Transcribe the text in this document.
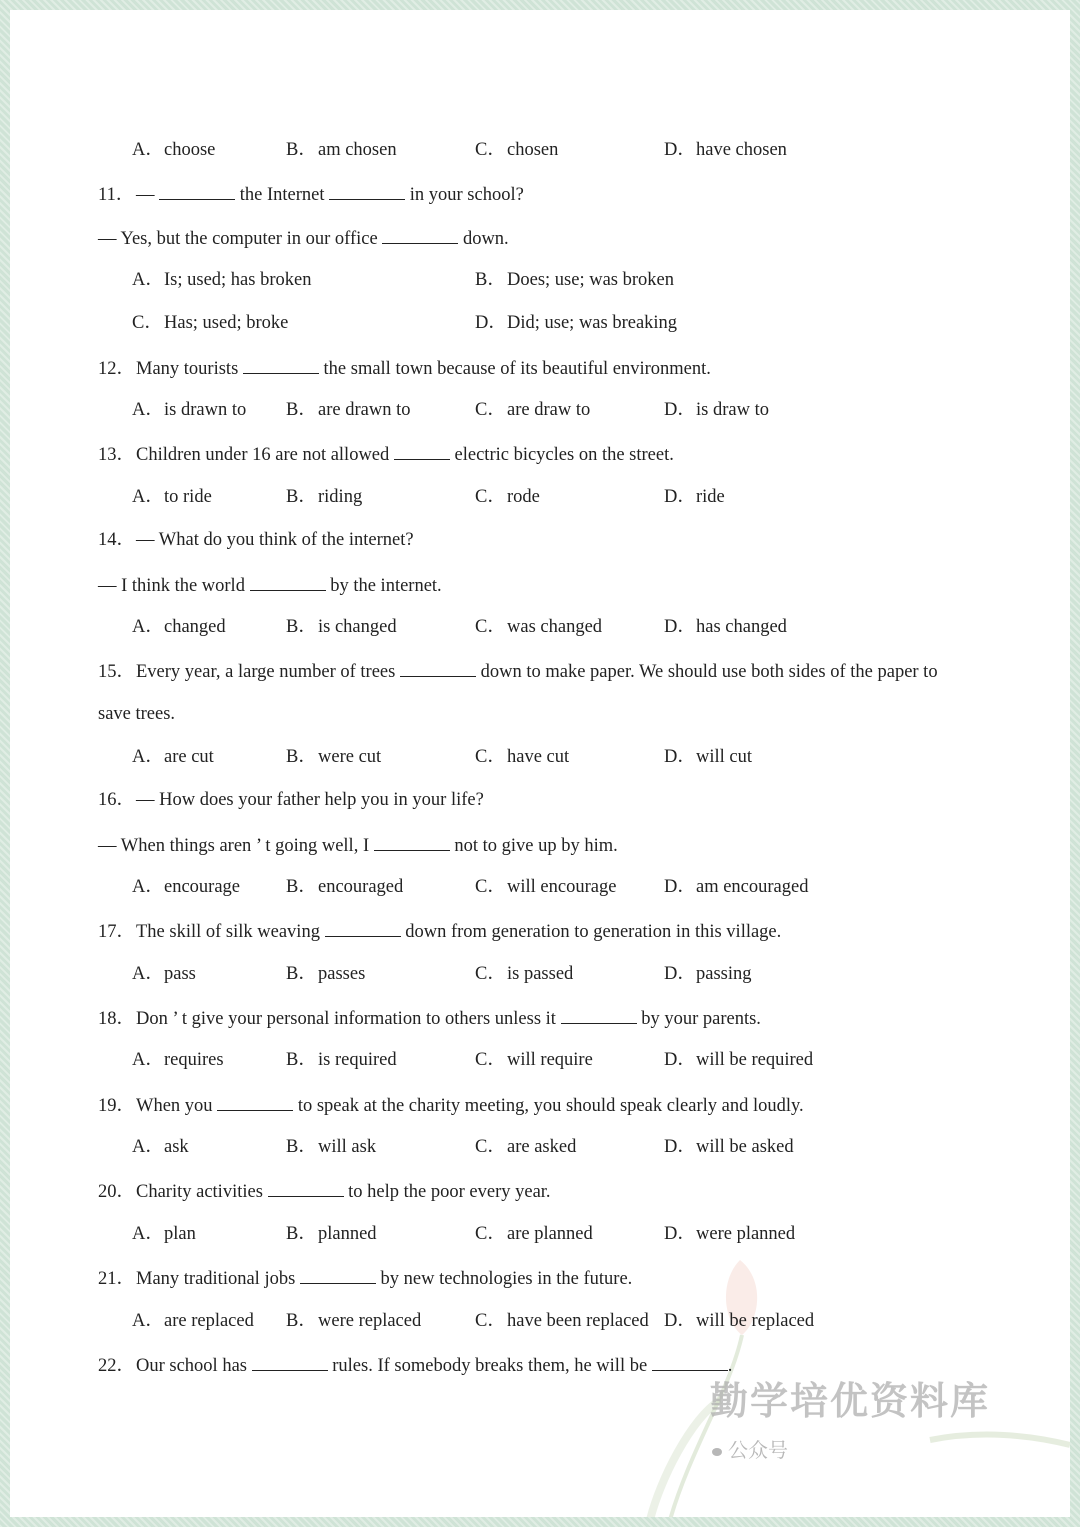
A．choose	B．am chosen	C．chosen	D．have chosen
11．—	the Internet	in your school?
— Yes, but the computer in our office	down.
A．Is; used; has broken	B．Does; use; was broken
C．Has; used; broke	D．Did; use; was breaking
12．Many tourists	the small town because of its beautiful environment.
A．is drawn to B．are drawn to	C．are draw to	D．is draw to
13．Children under 16 are not allowed	electric bicycles on the street.
A．to ride	B．riding	C．rode	D．ride
14．— What do you think of the internet?
— I think the world	by the internet.
A．changed	B．is changed	C．was changed	D．has changed
15．Every year, a large number of trees	down to make paper. We should use both sides of the paper to
save trees.
A．are cut	B．were cut	C．have cut	D．will cut
16．— How does your father help you in your life?
— When things aren ’ t going well, I	not to give up by him.
A．encourage B．encouraged	C．will encourage	D．am encouraged
17．The skill of silk weaving	down from generation to generation in this village.
A．pass	B．passes	C．is passed	D．passing
18．Don ’ t give your personal information to others unless it	by your parents.
A．requires	B．is required	C．will require	D．will be required
19．When you	to speak at the charity meeting, you should speak clearly and loudly.
A．ask	B．will ask	C．are asked	D．will be asked
20．Charity activities	to help the poor every year.
A．plan	B．planned	C．are planned	D．were planned
21．Many traditional jobs	by new technologies in the future.
A．are replaced B．were replaced	C．have been replaced D．will be replaced
22．Our school has	rules. If somebody breaks them, he will be	.
勤学培优资料库
公众号
